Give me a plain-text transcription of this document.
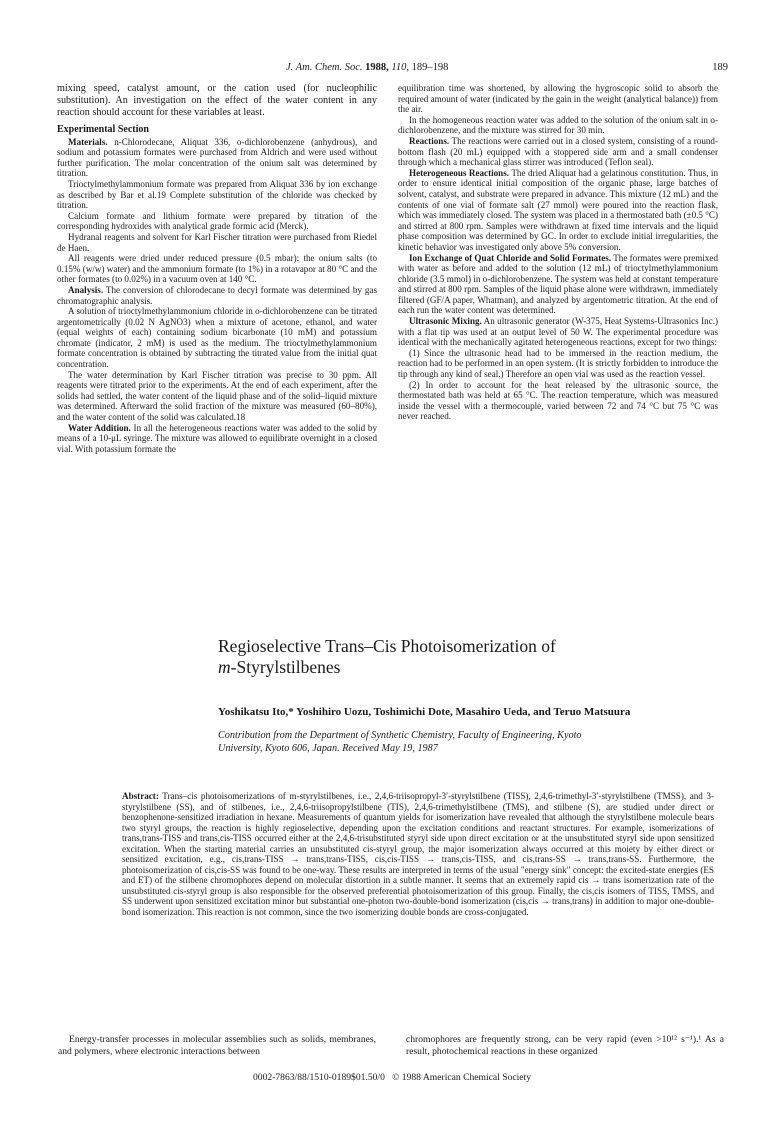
J. Am. Chem. Soc. 1988, 110, 189–198	189

mixing speed, catalyst amount, or the cation used (for nucleophilic substitution). An investigation on the effect of the water content in any reaction should account for these variables at least.

Experimental Section

Materials. n-Chlorodecane, Aliquat 336, o-dichlorobenzene (anhydrous), and sodium and potassium formates were purchased from Aldrich and were used without further purification. The molar concentration of the onium salt was determined by titration.

Trioctylmethylammonium formate was prepared from Aliquat 336 by ion exchange as described by Bar et al.19 Complete substitution of the chloride was checked by titration.

Calcium formate and lithium formate were prepared by titration of the corresponding hydroxides with analytical grade formic acid (Merck).

Hydranal reagents and solvent for Karl Fischer titration were purchased from Riedel de Haen.

All reagents were dried under reduced pressure (0.5 mbar): the onium salts (to 0.15% (w/w) water) and the ammonium formate (to 1%) in a rotavapor at 80 °C and the other formates (to 0.02%) in a vacuum oven at 140 °C.

Analysis. The conversion of chlorodecane to decyl formate was determined by gas chromatographic analysis.

A solution of trioctylmethylammonium chloride in o-dichlorobenzene can be titrated argentometrically (0.02 N AgNO3) when a mixture of acetone, ethanol, and water (equal weights of each) containing sodium bicarbonate (10 mM) and potassium chromate (indicator, 2 mM) is used as the medium. The trioctylmethylammonium formate concentration is obtained by subtracting the titrated value from the initial quat concentration.

The water determination by Karl Fischer titration was precise to 30 ppm. All reagents were titrated prior to the experiments. At the end of each experiment, after the solids had settled, the water content of the liquid phase and of the solid–liquid mixture was determined. Afterward the solid fraction of the mixture was measured (60–80%), and the water content of the solid was calculated.18

Water Addition. In all the heterogeneous reactions water was added to the solid by means of a 10-μL syringe. The mixture was allowed to equilibrate overnight in a closed vial. With potassium formate the

equilibration time was shortened, by allowing the hygroscopic solid to absorb the required amount of water (indicated by the gain in the weight (analytical balance)) from the air.

In the homogeneous reaction water was added to the solution of the onium salt in o-dichlorobenzene, and the mixture was stirred for 30 min.

Reactions. The reactions were carried out in a closed system, consisting of a round-bottom flash (20 mL) equipped with a stoppered side arm and a small condenser through which a mechanical glass stirrer was introduced (Teflon seal).

Heterogeneous Reactions. The dried Aliquat had a gelatinous constitution. Thus, in order to ensure identical initial composition of the organic phase, large batches of solvent, catalyst, and substrate were prepared in advance. This mixture (12 mL) and the contents of one vial of formate salt (27 mmol) were poured into the reaction flask, which was immediately closed. The system was placed in a thermostated bath (±0.5 °C) and stirred at 800 rpm. Samples were withdrawn at fixed time intervals and the liquid phase composition was determined by GC. In order to exclude initial irregularities, the kinetic behavior was investigated only above 5% conversion.

Ion Exchange of Quat Chloride and Solid Formates. The formates were premixed with water as before and added to the solution (12 mL) of trioctylmethylammonium chloride (3.5 mmol) in o-dichlorobenzene. The system was held at constant temperature and stirred at 800 rpm. Samples of the liquid phase alone were withdrawn, immediately filtered (GF/A paper, Whatman), and analyzed by argentometric titration. At the end of each run the water content was determined.

Ultrasonic Mixing. An ultrasonic generator (W-375, Heat Systems-Ultrasonics Inc.) with a flat tip was used at an output level of 50 W. The experimental procedure was identical with the mechanically agitated heterogeneous reactions, except for two things:

(1) Since the ultrasonic head had to be immersed in the reaction medium, the reaction had to be performed in an open system. (It is strictly forbidden to introduce the tip through any kind of seal.) Therefore an open vial was used as the reaction vessel.

(2) In order to account for the heat released by the ultrasonic source, the thermostated bath was held at 65 °C. The reaction temperature, which was measured inside the vessel with a thermocouple, varied between 72 and 74 °C but 75 °C was never reached.

Regioselective Trans–Cis Photoisomerization of
m-Styrylstilbenes
Yoshikatsu Ito,* Yoshihiro Uozu, Toshimichi Dote, Masahiro Ueda, and Teruo Matsuura
Contribution from the Department of Synthetic Chemistry, Faculty of Engineering, Kyoto
University, Kyoto 606, Japan. Received May 19, 1987
Abstract: Trans–cis photoisomerizations of m-styrylstilbenes, i.e., 2,4,6-triisopropyl-3′-styrylstilbene (TISS), 2,4,6-trimethyl-3′-styrylstilbene (TMSS), and 3-styrylstilbene (SS), and of stilbenes, i.e., 2,4,6-triisopropylstilbene (TIS), 2,4,6-trimethylstilbene (TMS), and stilbene (S), are studied under direct or benzophenone-sensitized irradiation in hexane. Measurements of quantum yields for isomerization have revealed that although the styrylstilbene molecule bears two styryl groups, the reaction is highly regioselective, depending upon the excitation conditions and reactant structures. For example, isomerizations of trans,trans-TISS and trans,cis-TISS occurred either at the 2,4,6-trisubstituted styryl side upon direct excitation or at the unsubstituted styryl side upon sensitized excitation. When the starting material carries an unsubstituted cis-styryl group, the major isomerization always occurred at this moiety by either direct or sensitized excitation, e.g., cis,trans-TISS → trans,trans-TISS, cis,cis-TISS → trans,cis-TISS, and cis,trans-SS → trans,trans-SS. Furthermore, the photoisomerization of cis,cis-SS was found to be one-way. These results are interpreted in terms of the usual "energy sink" concept: the excited-state energies (ES and ET) of the stilbene chromophores depend on molecular distortion in a subtle manner. It seems that an extremely rapid cis → trans isomerization rate of the unsubstituted cis-styryl group is also responsible for the observed preferential photoisomerization of this group. Finally, the cis,cis isomers of TISS, TMSS, and SS underwent upon sensitized excitation minor but substantial one-photon two-double-bond isomerization (cis,cis → trans,trans) in addition to major one-double-bond isomerization. This reaction is not common, since the two isomerizing double bonds are cross-conjugated.
Energy-transfer processes in molecular assemblies such as solids, membranes, and polymers, where electronic interactions between
chromophores are frequently strong, can be very rapid (even >10¹² s⁻¹).¹ As a result, photochemical reactions in these organized
0002-7863/88/1510-0189$01.50/0 © 1988 American Chemical Society
